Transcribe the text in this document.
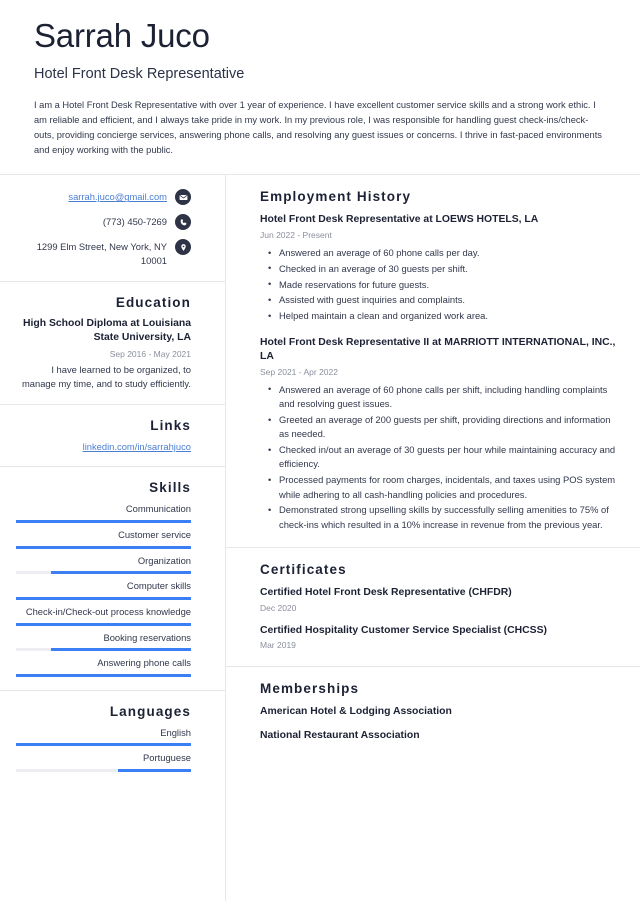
Sarrah Juco
Hotel Front Desk Representative

I am a Hotel Front Desk Representative with over 1 year of experience. I have excellent customer service skills and a strong work ethic. I am reliable and efficient, and I always take pride in my work. In my previous role, I was responsible for handling guest check-ins/check-outs, providing concierge services, answering phone calls, and resolving any guest issues or concerns. I thrive in fast-paced environments and enjoy working with the public.

sarrah.juco@gmail.com
(773) 450-7269
1299 Elm Street, New York, NY 10001
Education

High School Diploma at Louisiana State University, LA

Sep 2016 - May 2021

I have learned to be organized, to manage my time, and to study efficiently.

Links
linkedin.com/in/sarrahjuco
Skills
Communication
Customer service
Organization
Computer skills
Check-in/Check-out process knowledge
Booking reservations
Answering phone calls
Languages
English
Portuguese
Employment History

Hotel Front Desk Representative at LOEWS HOTELS, LA

Jun 2022 - Present

• Answered an average of 60 phone calls per day.
• Checked in an average of 30 guests per shift.
• Made reservations for future guests.
• Assisted with guest inquiries and complaints.
• Helped maintain a clean and organized work area.

Hotel Front Desk Representative II at MARRIOTT INTERNATIONAL, INC., LA

Sep 2021 - Apr 2022

• Answered an average of 60 phone calls per shift, including handling complaints and resolving guest issues.
• Greeted an average of 200 guests per shift, providing directions and information as needed.
• Checked in/out an average of 30 guests per hour while maintaining accuracy and efficiency.
• Processed payments for room charges, incidentals, and taxes using POS system while adhering to all cash-handling policies and procedures.
• Demonstrated strong upselling skills by successfully selling amenities to 75% of check-ins which resulted in a 10% increase in revenue from the previous year.
Certificates

Certified Hotel Front Desk Representative (CHFDR)

Dec 2020

Certified Hospitality Customer Service Specialist (CHCSS)

Mar 2019

Memberships

American Hotel & Lodging Association

National Restaurant Association
